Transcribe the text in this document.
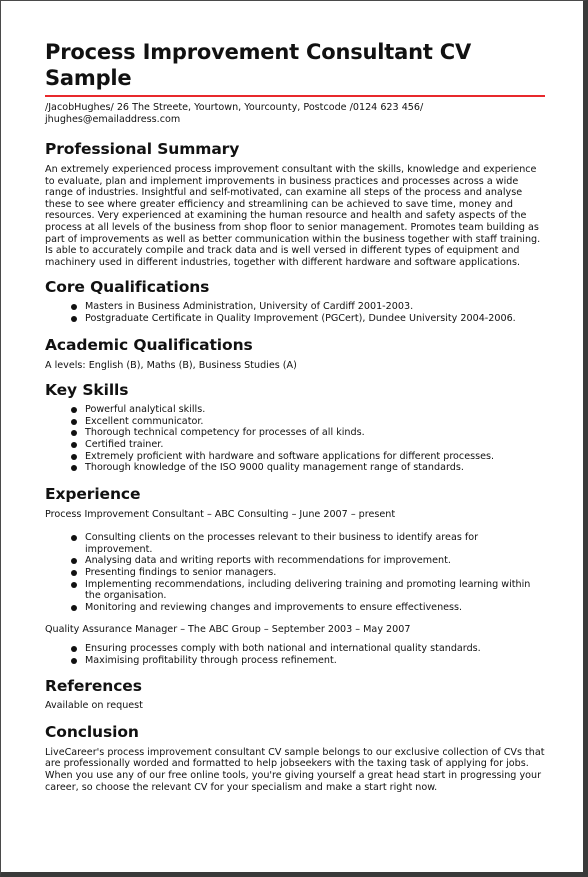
Process Improvement Consultant CV Sample
/JacobHughes/ 26 The Streete, Yourtown, Yourcounty, Postcode /0124 623 456/ jhughes@emailaddress.com
Professional Summary

An extremely experienced process improvement consultant with the skills, knowledge and experience to evaluate, plan and implement improvements in business practices and processes across a wide range of industries. Insightful and self-motivated, can examine all steps of the process and analyse these to see where greater efficiency and streamlining can be achieved to save time, money and resources. Very experienced at examining the human resource and health and safety aspects of the process at all levels of the business from shop floor to senior management. Promotes team building as part of improvements as well as better communication within the business together with staff training. Is able to accurately compile and track data and is well versed in different types of equipment and machinery used in different industries, together with different hardware and software applications.

Core Qualifications
Masters in Business Administration, University of Cardiff 2001-2003.
Postgraduate Certificate in Quality Improvement (PGCert), Dundee University 2004-2006.
Academic Qualifications

A levels: English (B), Maths (B), Business Studies (A)

Key Skills
Powerful analytical skills.
Excellent communicator.
Thorough technical competency for processes of all kinds.
Certified trainer.
Extremely proficient with hardware and software applications for different processes.
Thorough knowledge of the ISO 9000 quality management range of standards.
Experience

Process Improvement Consultant – ABC Consulting – June 2007 – present

Consulting clients on the processes relevant to their business to identify areas for improvement.
Analysing data and writing reports with recommendations for improvement.
Presenting findings to senior managers.
Implementing recommendations, including delivering training and promoting learning within the organisation.
Monitoring and reviewing changes and improvements to ensure effectiveness.

Quality Assurance Manager – The ABC Group – September 2003 – May 2007

Ensuring processes comply with both national and international quality standards.
Maximising profitability through process refinement.
References

Available on request

Conclusion

LiveCareer's process improvement consultant CV sample belongs to our exclusive collection of CVs that are professionally worded and formatted to help jobseekers with the taxing task of applying for jobs. When you use any of our free online tools, you're giving yourself a great head start in progressing your career, so choose the relevant CV for your specialism and make a start right now.
